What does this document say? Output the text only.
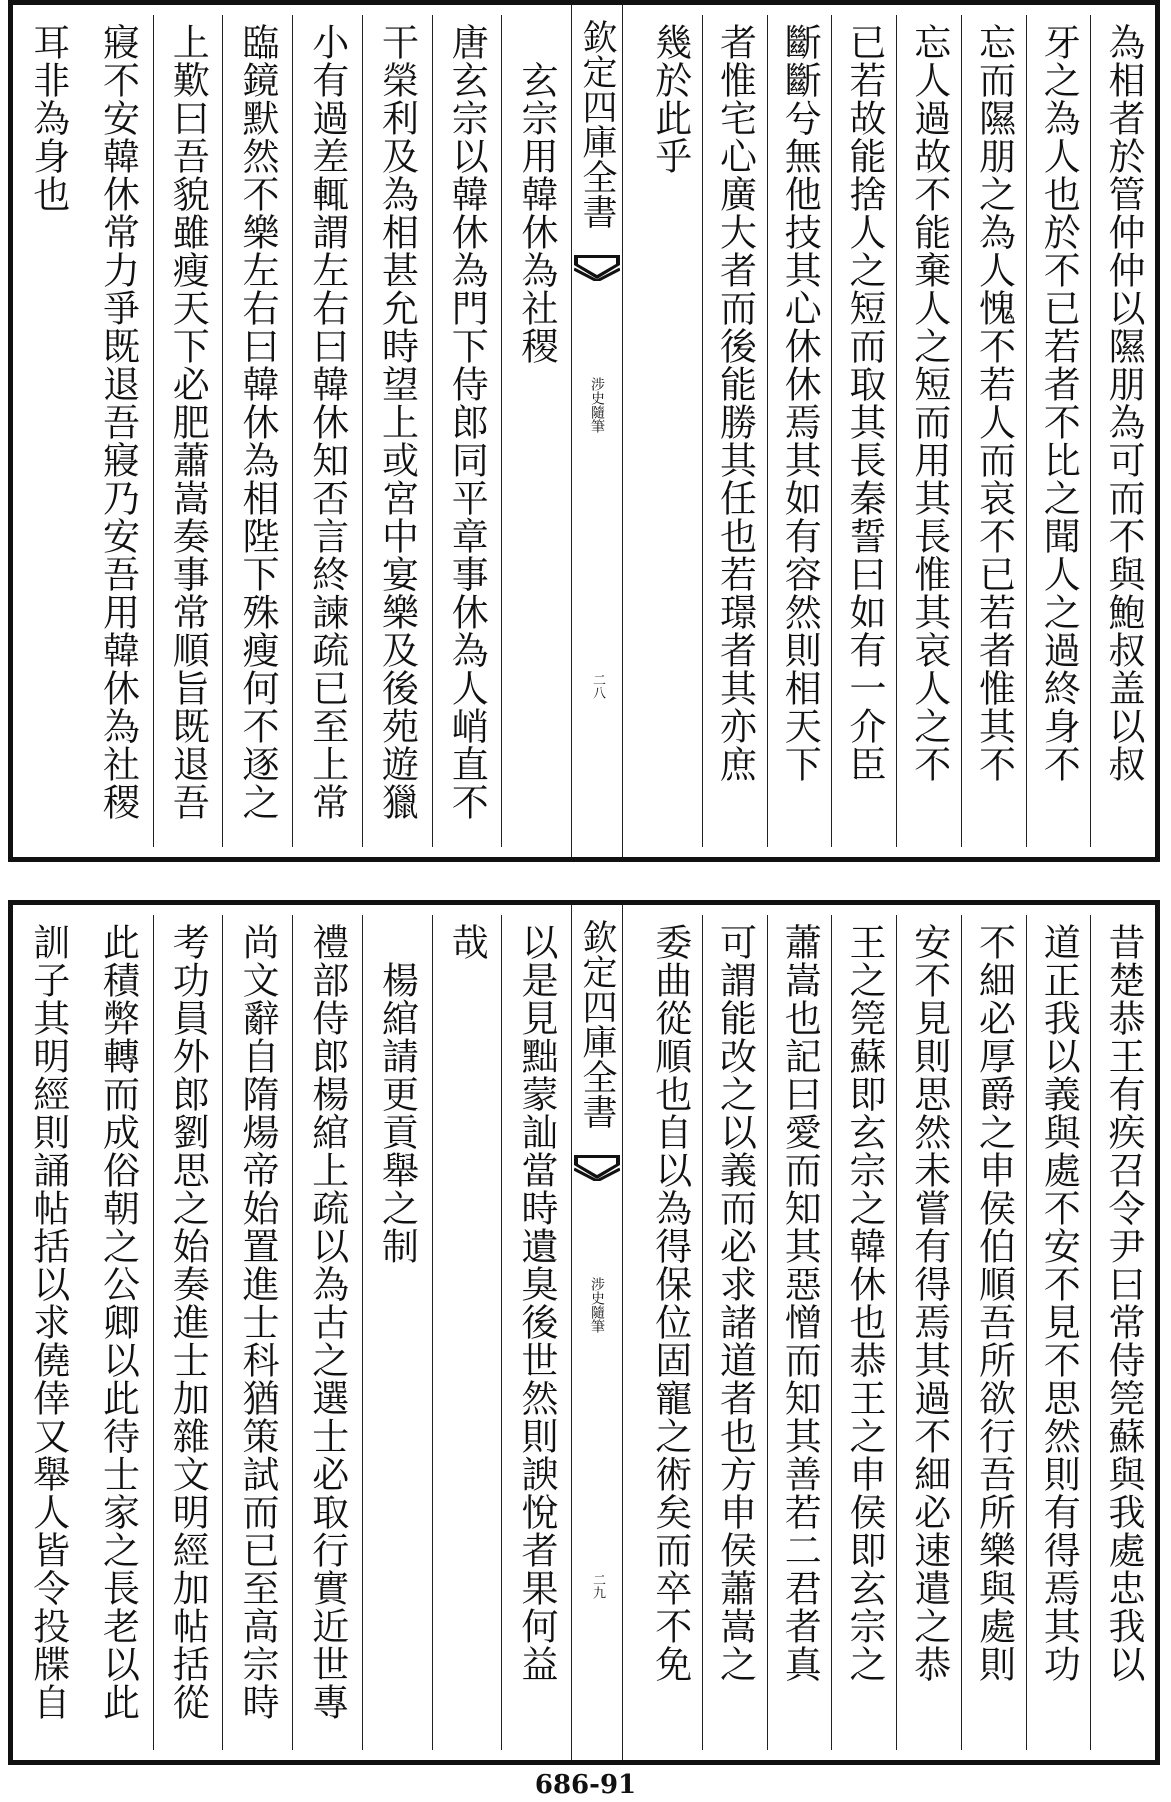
為相者於管仲仲以隰朋為可而不與鮑叔盖以叔
牙之為人也於不已若者不比之聞人之過終身不
忘而隰朋之為人愧不若人而哀不已若者惟其不
忘人過故不能棄人之短而用其長惟其哀人之不
已若故能捨人之短而取其長秦誓曰如有一介臣
斷斷兮無他技其心休休焉其如有容然則相天下
者惟宅心廣大者而後能勝其任也若璟者其亦庶
幾於此乎
欽定四庫全書
涉史隨筆
二八
　玄宗用韓休為社稷
唐玄宗以韓休為門下侍郎同平章事休為人峭直不
干榮利及為相甚允時望上或宮中宴樂及後苑遊獵
小有過差輒謂左右曰韓休知否言終諫疏已至上常
臨鏡默然不樂左右曰韓休為相陛下殊瘦何不逐之
上歎曰吾貌雖瘦天下必肥蕭嵩奏事常順旨既退吾
寢不安韓休常力爭既退吾寢乃安吾用韓休為社稷
耳非為身也
昔楚恭王有疾召令尹曰常侍筦蘇與我處忠我以
道正我以義與處不安不見不思然則有得焉其功
不細必厚爵之申侯伯順吾所欲行吾所樂與處則
安不見則思然未嘗有得焉其過不細必速遣之恭
王之筦蘇即玄宗之韓休也恭王之申侯即玄宗之
蕭嵩也記曰愛而知其惡憎而知其善若二君者真
可謂能改之以義而必求諸道者也方申侯蕭嵩之
委曲從順也自以為得保位固寵之術矣而卒不免
欽定四庫全書
涉史隨筆
二九
以是見黜蒙訕當時遺臭後世然則諛悅者果何益
哉
　楊綰請更貢舉之制
禮部侍郎楊綰上疏以為古之選士必取行實近世專
尚文辭自隋煬帝始置進士科猶策試而已至高宗時
考功員外郎劉思之始奏進士加雜文明經加帖括從
此積弊轉而成俗朝之公卿以此待士家之長老以此
訓子其明經則誦帖括以求僥倖又舉人皆令投牒自
686-91
